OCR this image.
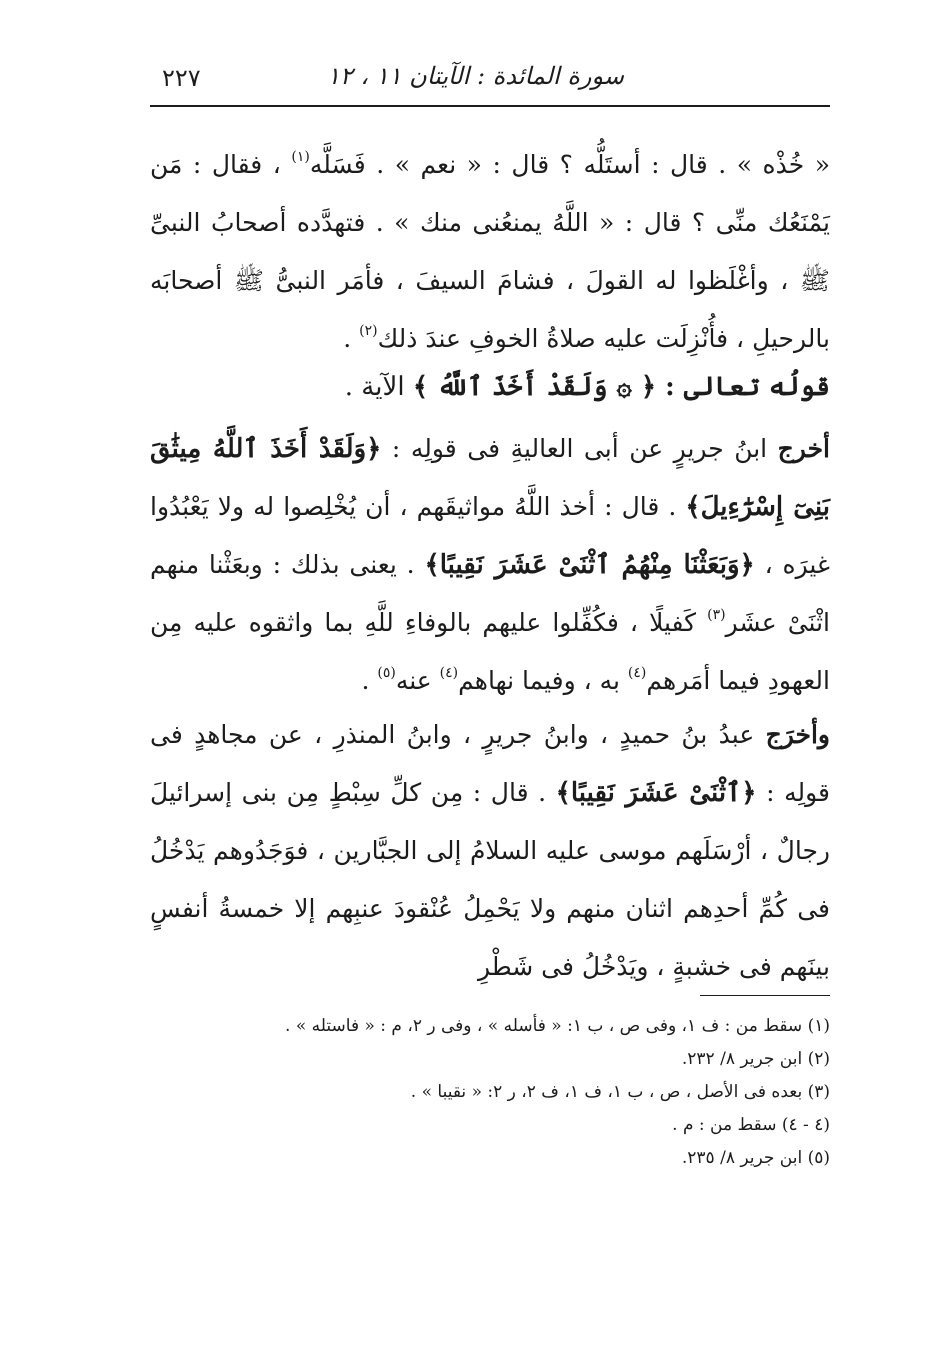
سورة المائدة : الآيتان ١١ ، ١٢
٢٢٧
« خُذْه » . قال : أستَلُّه ؟ قال : « نعم » . فَسَلَّه$^{(١)}$ ، فقال : مَن يَمْنَعُك منِّى ؟ قال : « اللَّهُ يمنعُنى منك » . فتهدَّده أصحابُ النبىِّ ﷺ ، وأغْلَظوا له القولَ ، فشامَ السيفَ ، فأمَر النبىُّ ﷺ أصحابَه بالرحيلِ ، فأُنْزِلَت عليه صلاةُ الخوفِ عندَ ذلك$^{(٢)}$ .
قولُه تعالى : ﴿ ۞ وَلَقَدْ أَخَذَ ٱللَّهُ ﴾ الآية .
أخرج ابنُ جريرٍ عن أبى العاليةِ فى قولِه : ﴿وَلَقَدْ أَخَذَ ٱللَّهُ مِيثَٰقَ بَنِىٓ إِسْرَٰٓءِيلَ﴾ . قال : أخذ اللَّهُ مواثيقَهم ، أن يُخْلِصوا له ولا يَعْبُدُوا غيرَه ، ﴿وَبَعَثْنَا مِنْهُمُ ٱثْنَىْ عَشَرَ نَقِيبًا﴾ . يعنى بذلك : وبعَثْنا منهم اثْنَىْ عشَر$^{(٣)}$ كَفيلًا ، فكُفِّلوا عليهم بالوفاءِ للَّهِ بما واثقوه عليه مِن العهودِ فيما أمَرهم$^{(٤)}$ به ، وفيما نهاهم$^{(٤)}$ عنه$^{(٥)}$ .
وأخرَج عبدُ بنُ حميدٍ ، وابنُ جريرٍ ، وابنُ المنذرِ ، عن مجاهدٍ فى قولِه : ﴿ٱثْنَىْ عَشَرَ نَقِيبًا﴾ . قال : مِن كلِّ سِبْطٍ مِن بنى إسرائيلَ رجالٌ ، أرْسَلَهم موسى عليه السلامُ إلى الجبَّارين ، فوَجَدُوهم يَدْخُلُ فى كُمِّ أحدِهم اثنان منهم ولا يَحْمِلُ عُنْقودَ عنبِهم إلا خمسةُ أنفسٍ بينَهم فى خشبةٍ ، ويَدْخُلُ فى شَطْرِ
(١) سقط من : ف ١، وفى ص ، ب ١: « فأسله » ، وفى ر ٢، م : « فاستله » .
(٢) ابن جرير ٨/ ٢٣٢.
(٣) بعده فى الأصل ، ص ، ب ١، ف ١، ف ٢، ر ٢: « نقيبا » .
(٤ - ٤) سقط من : م .
(٥) ابن جرير ٨/ ٢٣٥.
